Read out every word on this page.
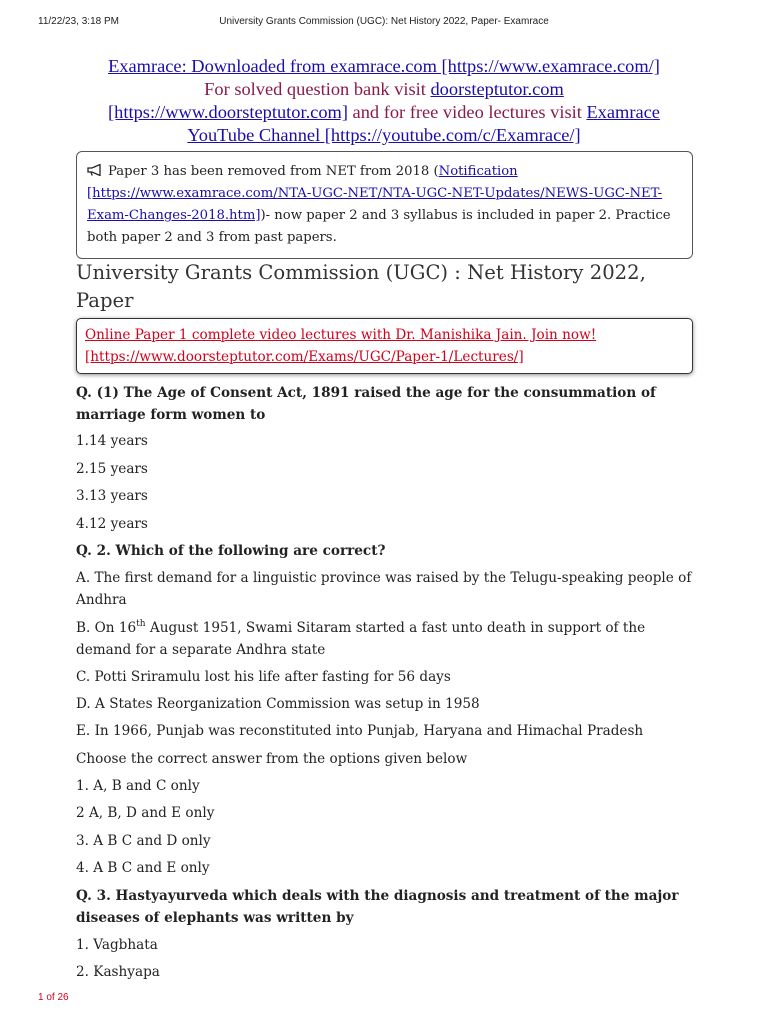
11/22/23, 3:18 PM	University Grants Commission (UGC): Net History 2022, Paper- Examrace
Examrace: Downloaded from examrace.com [https://www.examrace.com/]
For solved question bank visit doorsteptutor.com
[https://www.doorsteptutor.com] and for free video lectures visit Examrace
YouTube Channel [https://youtube.com/c/Examrace/]
Paper 3 has been removed from NET from 2018 (Notification
[https://www.examrace.com/NTA-UGC-NET/NTA-UGC-NET-Updates/NEWS-UGC-NET-
Exam-Changes-2018.htm])- now paper 2 and 3 syllabus is included in paper 2. Practice both paper 2 and 3 from past papers.
University Grants Commission (UGC) : Net History 2022, Paper
Online Paper 1 complete video lectures with Dr. Manishika Jain. Join now!
[https://www.doorsteptutor.com/Exams/UGC/Paper-1/Lectures/]
Q. (1) The Age of Consent Act, 1891 raised the age for the consummation of marriage form women to
1.14 years
2.15 years
3.13 years
4.12 years
Q. 2. Which of the following are correct?
A. The first demand for a linguistic province was raised by the Telugu-speaking people of Andhra
B. On 16th August 1951, Swami Sitaram started a fast unto death in support of the demand for a separate Andhra state
C. Potti Sriramulu lost his life after fasting for 56 days
D. A States Reorganization Commission was setup in 1958
E. In 1966, Punjab was reconstituted into Punjab, Haryana and Himachal Pradesh
Choose the correct answer from the options given below
1. A, B and C only
2 A, B, D and E only
3. A B C and D only
4. A B C and E only
Q. 3. Hastyayurveda which deals with the diagnosis and treatment of the major diseases of elephants was written by
1. Vagbhata
2. Kashyapa
1 of 26
